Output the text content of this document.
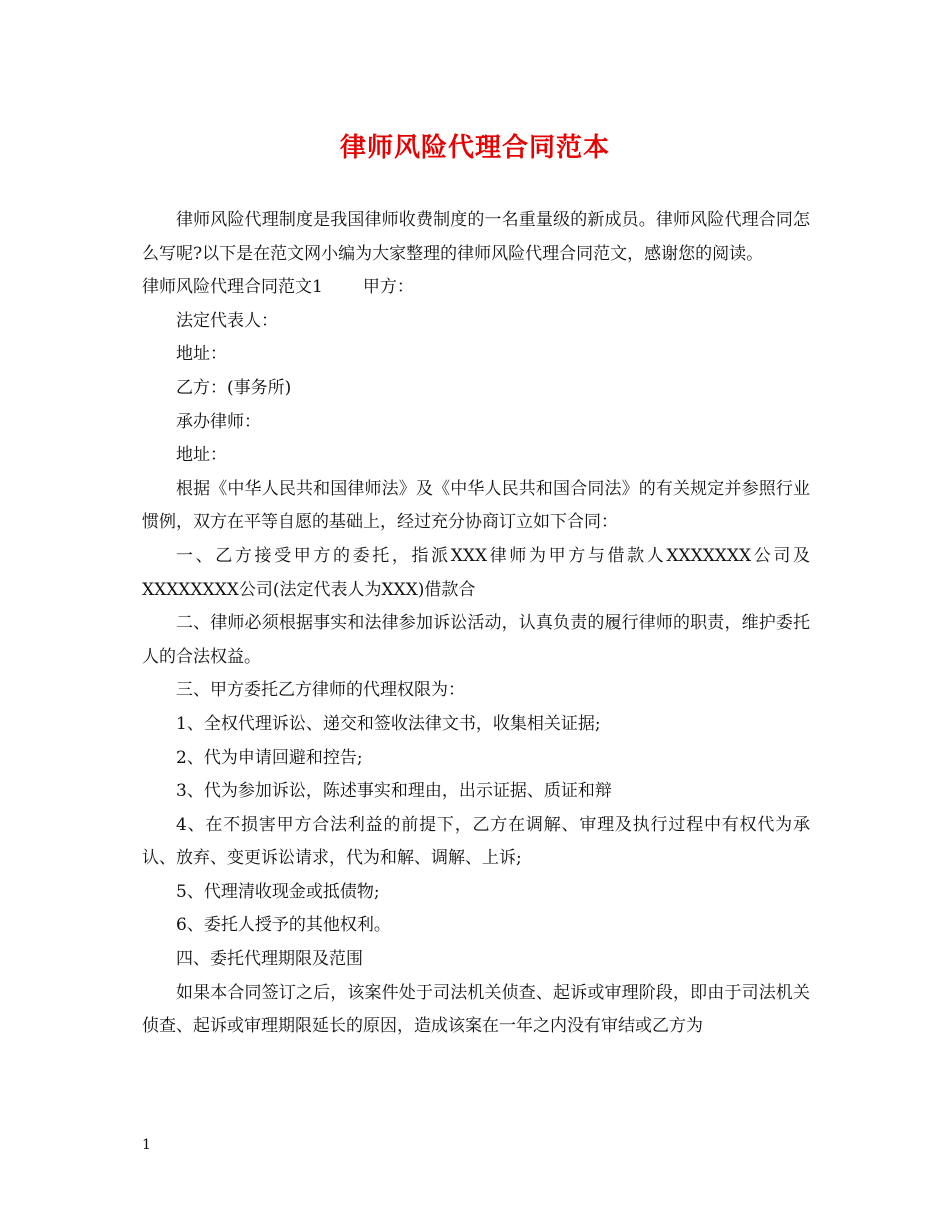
律师风险代理合同范本

律师风险代理制度是我国律师收费制度的一名重量级的新成员。律师风险代理合同怎么写呢?以下是在范文网小编为大家整理的律师风险代理合同范文，感谢您的阅读。

律师风险代理合同范文1 甲方：

法定代表人：

地址：

乙方：(事务所)

承办律师：

地址：

根据《中华人民共和国律师法》及《中华人民共和国合同法》的有关规定并参照行业惯例，双方在平等自愿的基础上，经过充分协商订立如下合同：

一、乙方接受甲方的委托，指派XXX律师为甲方与借款人XXXXXXX公司及XXXXXXXX公司(法定代表人为XXX)借款合

二、律师必须根据事实和法律参加诉讼活动，认真负责的履行律师的职责，维护委托人的合法权益。

三、甲方委托乙方律师的代理权限为：

1、全权代理诉讼、递交和签收法律文书，收集相关证据;

2、代为申请回避和控告;

3、代为参加诉讼，陈述事实和理由，出示证据、质证和辩

4、在不损害甲方合法利益的前提下，乙方在调解、审理及执行过程中有权代为承认、放弃、变更诉讼请求，代为和解、调解、上诉;

5、代理清收现金或抵债物;

6、委托人授予的其他权利。

四、委托代理期限及范围

如果本合同签订之后，该案件处于司法机关侦查、起诉或审理阶段，即由于司法机关侦查、起诉或审理期限延长的原因，造成该案在一年之内没有审结或乙方为

1
